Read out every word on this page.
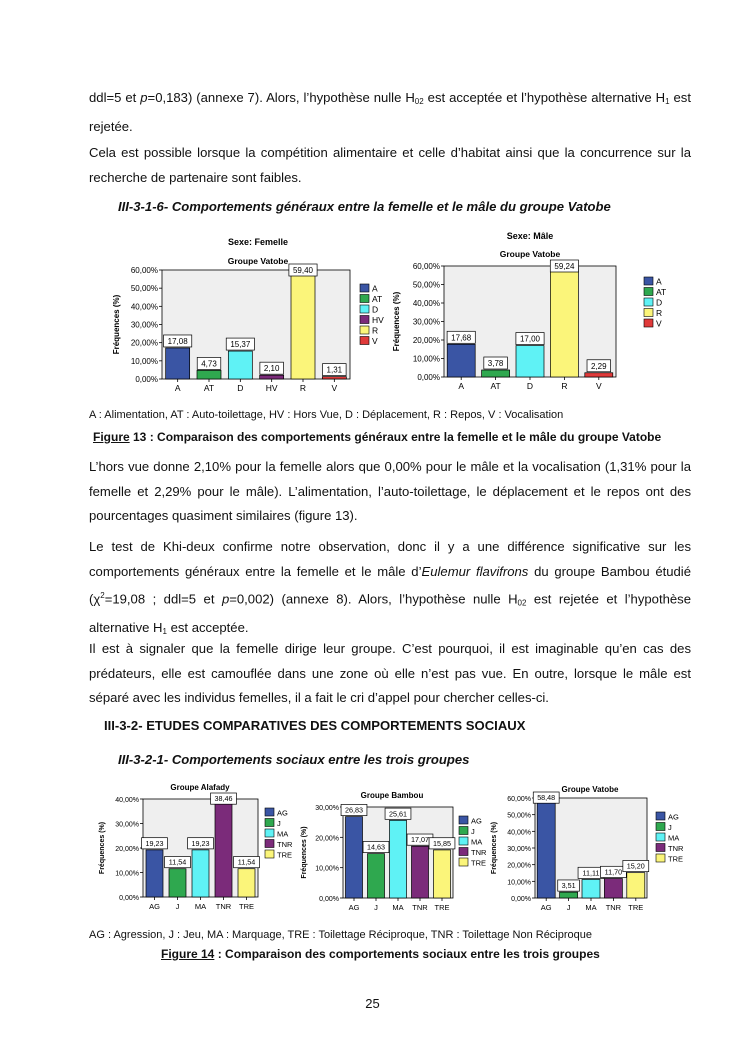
ddl=5 et p=0,183) (annexe 7). Alors, l’hypothèse nulle $H_{02}$ est acceptée et l’hypothèse alternative $H_1$ est rejetée.
Cela est possible lorsque la compétition alimentaire et celle d’habitat ainsi que la concurrence sur la recherche de partenaire sont faibles.
III-3-1-6- Comportements généraux entre la femelle et le mâle du groupe Vatobe
Sexe: Femelle
Groupe Vatobe
0,00%
10,00%
20,00%
30,00%
40,00%
50,00%
60,00%
Fréquences (%)
A
17,08
AT
4,73
D
15,37
HV
2,10
R
59,40
V
1,31
A
AT
D
HV
R
V
Sexe: Mâle
Groupe Vatobe
0,00%
10,00%
20,00%
30,00%
40,00%
50,00%
60,00%
Fréquences (%)
A
17,68
AT
3,78
D
17,00
R
59,24
V
2,29
A
AT
D
R
V
A : Alimentation, AT : Auto-toilettage, HV : Hors Vue, D : Déplacement, R : Repos, V : Vocalisation
Figure 13 : Comparaison des comportements généraux entre la femelle et le mâle du groupe Vatobe
L’hors vue donne 2,10% pour la femelle alors que 0,00% pour le mâle et la vocalisation (1,31% pour la femelle et 2,29% pour le mâle). L’alimentation, l’auto-toilettage, le déplacement et le repos ont des pourcentages quasiment similaires (figure 13).
Le test de Khi-deux confirme notre observation, donc il y a une différence significative sur les comportements généraux entre la femelle et le mâle d’Eulemur flavifrons du groupe Bambou étudié ($\chi^2=19,08$ ; ddl=5 et p=0,002) (annexe 8). Alors, l’hypothèse nulle $H_{02}$ est rejetée et l’hypothèse alternative $H_1$ est acceptée.
Il est à signaler que la femelle dirige leur groupe. C’est pourquoi, il est imaginable qu’en cas des prédateurs, elle est camouflée dans une zone où elle n’est pas vue. En outre, lorsque le mâle est séparé avec les individus femelles, il a fait le cri d’appel pour chercher celles-ci.
III-3-2- ETUDES COMPARATIVES DES COMPORTEMENTS SOCIAUX
III-3-2-1- Comportements sociaux entre les trois groupes
Groupe Alafady
0,00%
10,00%
20,00%
30,00%
40,00%
Fréquences (%)
AG
19,23
J
11,54
MA
19,23
TNR
38,46
TRE
11,54
AG
J
MA
TNR
TRE
Groupe Bambou
0,00%
10,00%
20,00%
30,00%
Fréquences (%)
AG
26,83
J
14,63
MA
25,61
TNR
17,07
TRE
15,85
AG
J
MA
TNR
TRE
Groupe Vatobe
0,00%
10,00%
20,00%
30,00%
40,00%
50,00%
60,00%
Fréquences (%)
AG
58,48
J
3,51
MA
11,11
TNR
11,70
TRE
15,20
AG
J
MA
TNR
TRE
AG : Agression, J : Jeu, MA : Marquage, TRE : Toilettage Réciproque, TNR : Toilettage Non Réciproque
Figure 14 : Comparaison des comportements sociaux entre les trois groupes
25
